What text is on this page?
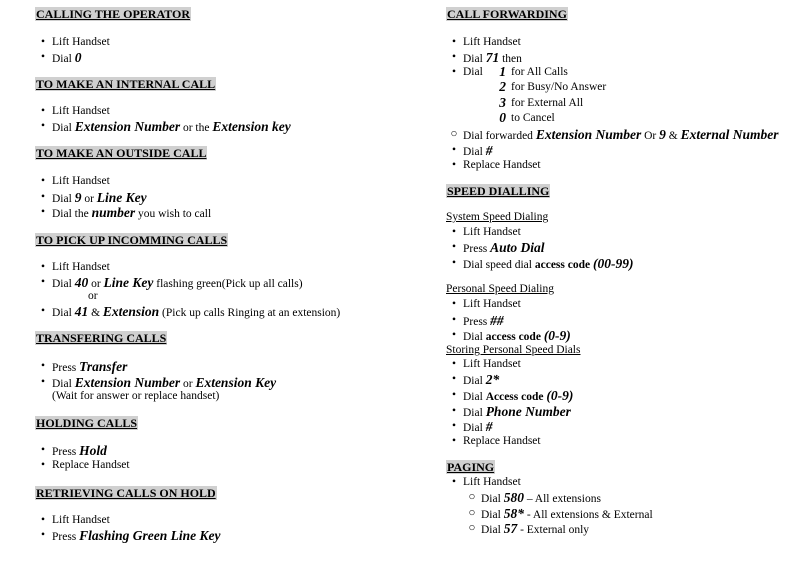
CALLING THE OPERATOR
• Lift Handset
• Dial 0
TO MAKE AN INTERNAL CALL
• Lift Handset
• Dial Extension Number or the Extension key
TO MAKE AN OUTSIDE CALL
• Lift Handset
• Dial 9 or Line Key
• Dial the number you wish to call
TO PICK UP INCOMMING CALLS
• Lift Handset
• Dial 40 or Line Key flashing green(Pick up all calls)
or
• Dial 41 & Extension (Pick up calls Ringing at an extension)
TRANSFERING CALLS
• Press Transfer
• Dial Extension Number or Extension Key
(Wait for answer or replace handset)
HOLDING CALLS
• Press Hold
• Replace Handset
RETRIEVING CALLS ON HOLD
• Lift Handset
• Press Flashing Green Line Key
CALL FORWARDING
• Lift Handset
• Dial 71 then
• Dial 1 for All Calls
2 for Busy/No Answer
3 for External All
0 to Cancel
○ Dial forwarded Extension Number Or 9 & External Number
• Dial #
• Replace Handset
SPEED DIALLING
System Speed Dialing
• Lift Handset
• Press Auto Dial
• Dial speed dial access code (00-99)
Personal Speed Dialing
• Lift Handset
• Press ##
• Dial access code (0-9)
Storing Personal Speed Dials
• Lift Handset
• Dial 2*
• Dial Access code (0-9)
• Dial Phone Number
• Dial #
• Replace Handset
PAGING
• Lift Handset
○ Dial 580 – All extensions
○ Dial 58* - All extensions & External
○ Dial 57 - External only
